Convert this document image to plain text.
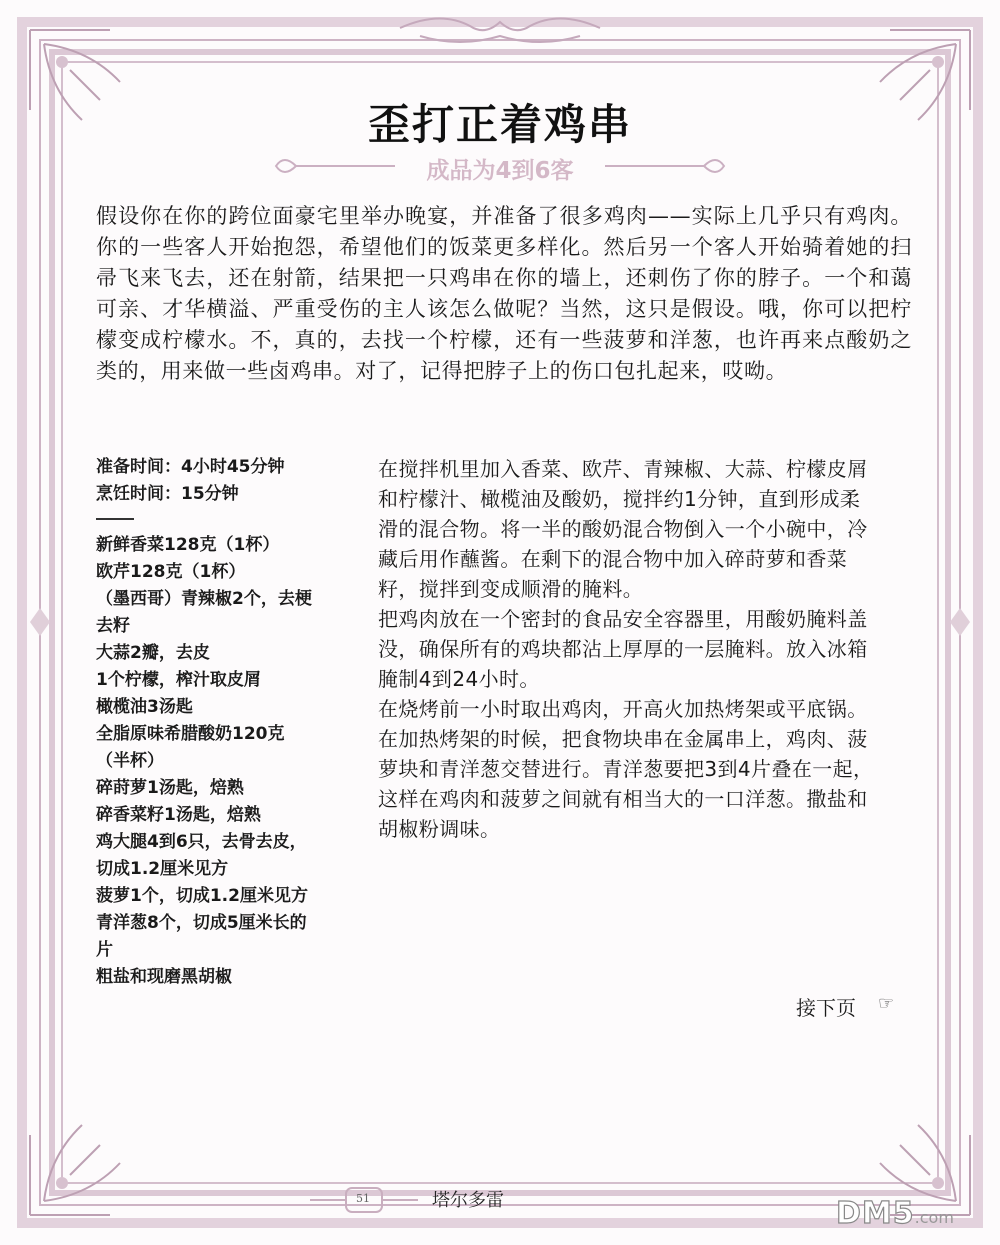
歪打正着鸡串
成品为4到6客
假设你在你的跨位面豪宅里举办晚宴，并准备了很多鸡肉——实际上几乎只有鸡肉。你的一些客人开始抱怨，希望他们的饭菜更多样化。然后另一个客人开始骑着她的扫帚飞来飞去，还在射箭，结果把一只鸡串在你的墙上，还刺伤了你的脖子。一个和蔼可亲、才华横溢、严重受伤的主人该怎么做呢？当然，这只是假设。哦，你可以把柠檬变成柠檬水。不，真的，去找一个柠檬，还有一些菠萝和洋葱，也许再来点酸奶之类的，用来做一些卤鸡串。对了，记得把脖子上的伤口包扎起来，哎呦。
准备时间：4小时45分钟
烹饪时间：15分钟
新鲜香菜128克（1杯）
欧芹128克（1杯）
（墨西哥）青辣椒2个，去梗去籽
大蒜2瓣，去皮
1个柠檬，榨汁取皮屑
橄榄油3汤匙
全脂原味希腊酸奶120克（半杯）
碎莳萝1汤匙，焙熟
碎香菜籽1汤匙，焙熟
鸡大腿4到6只，去骨去皮，切成1.2厘米见方
菠萝1个，切成1.2厘米见方
青洋葱8个，切成5厘米长的片
粗盐和现磨黑胡椒

在搅拌机里加入香菜、欧芹、青辣椒、大蒜、柠檬皮屑和柠檬汁、橄榄油及酸奶，搅拌约1分钟，直到形成柔滑的混合物。将一半的酸奶混合物倒入一个小碗中，冷藏后用作蘸酱。在剩下的混合物中加入碎莳萝和香菜籽，搅拌到变成顺滑的腌料。

把鸡肉放在一个密封的食品安全容器里，用酸奶腌料盖没，确保所有的鸡块都沾上厚厚的一层腌料。放入冰箱腌制4到24小时。

在烧烤前一小时取出鸡肉，开高火加热烤架或平底锅。

在加热烤架的时候，把食物块串在金属串上，鸡肉、菠萝块和青洋葱交替进行。青洋葱要把3到4片叠在一起，这样在鸡肉和菠萝之间就有相当大的一口洋葱。撒盐和胡椒粉调味。

接下页 ☞
51	塔尔多雷	DM5.com
